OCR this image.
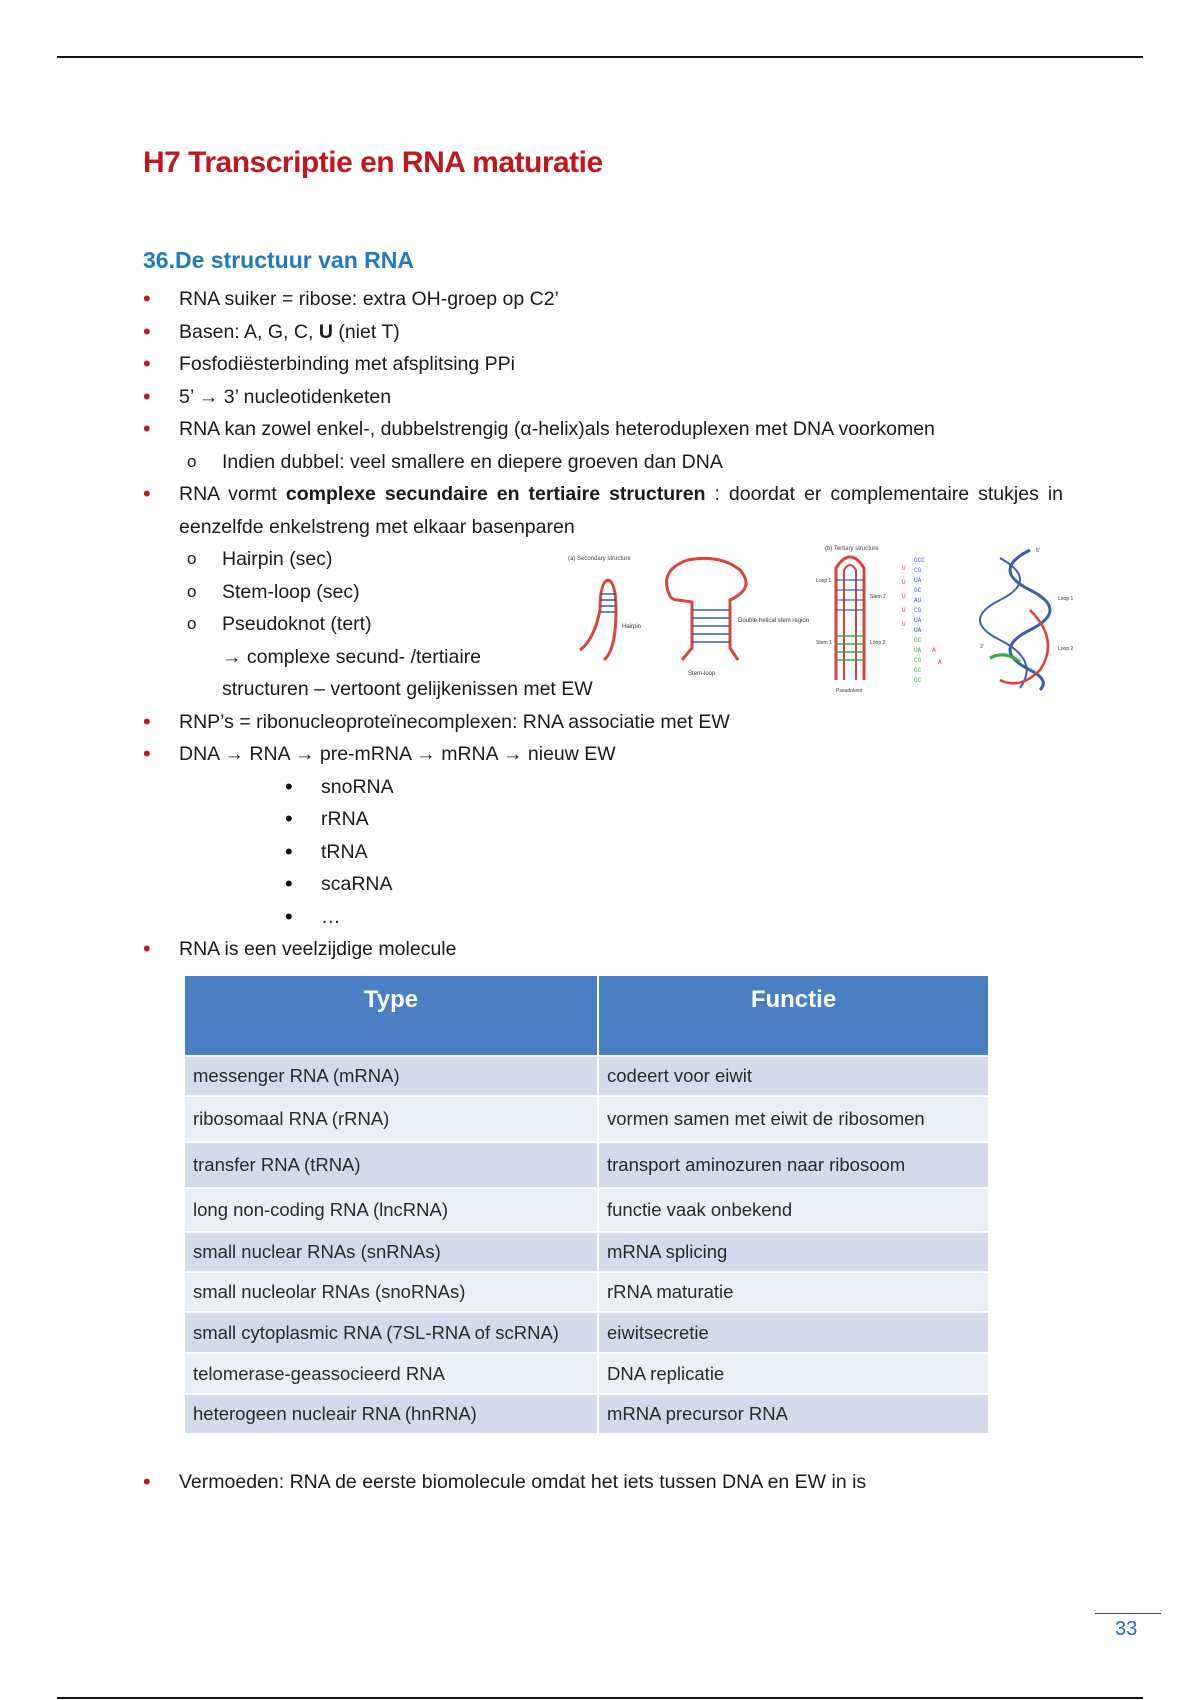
H7 Transcriptie en RNA maturatie
36.De structuur van RNA
• RNA suiker = ribose: extra OH-groep op C2’
• Basen: A, G, C, U (niet T)
• Fosfodiësterbinding met afsplitsing PPi
• 5’ → 3’ nucleotidenketen
• RNA kan zowel enkel-, dubbelstrengig (α-helix)als heteroduplexen met DNA voorkomen
o Indien dubbel: veel smallere en diepere groeven dan DNA
• RNA vormt complexe secundaire en tertiaire structuren : doordat er complementaire stukjes in eenzelfde enkelstreng met elkaar basenparen
o Hairpin (sec)
o Stem-loop (sec)
o Pseudoknot (tert)
→ complexe secund- /tertiaire
structuren – vertoont gelijkenissen met EW
• RNP’s = ribonucleoproteïnecomplexen: RNA associatie met EW
• DNA → RNA → pre-mRNA → mRNA → nieuw EW
• snoRNA
• rRNA
• tRNA
• scaRNA
• …
• RNA is een veelzijdige molecule
(a) Secondary structure
(b) Tertiary structure
Hairpin
Double-helical stem region
Stem-loop
Loop 1
Stem 2
Stem 1	Loop 2
Pseudoknot
U
U
U
U
U
GCC
CG
UA
GC
AU
CG
UA
UA
GC
UA
CG
GC
GC
A
A
5'
3'
Loop 1
Loop 2
Type	Functie
messenger RNA (mRNA)	codeert voor eiwit
ribosomaal RNA (rRNA)	vormen samen met eiwit de ribosomen
transfer RNA (tRNA)	transport aminozuren naar ribosoom
long non-coding RNA (lncRNA)	functie vaak onbekend
small nuclear RNAs (snRNAs)	mRNA splicing
small nucleolar RNAs (snoRNAs)	rRNA maturatie
small cytoplasmic RNA (7SL-RNA of scRNA)	eiwitsecretie
telomerase-geassocieerd RNA	DNA replicatie
heterogeen nucleair RNA (hnRNA)	mRNA precursor RNA
• Vermoeden: RNA de eerste biomolecule omdat het iets tussen DNA en EW in is
33
